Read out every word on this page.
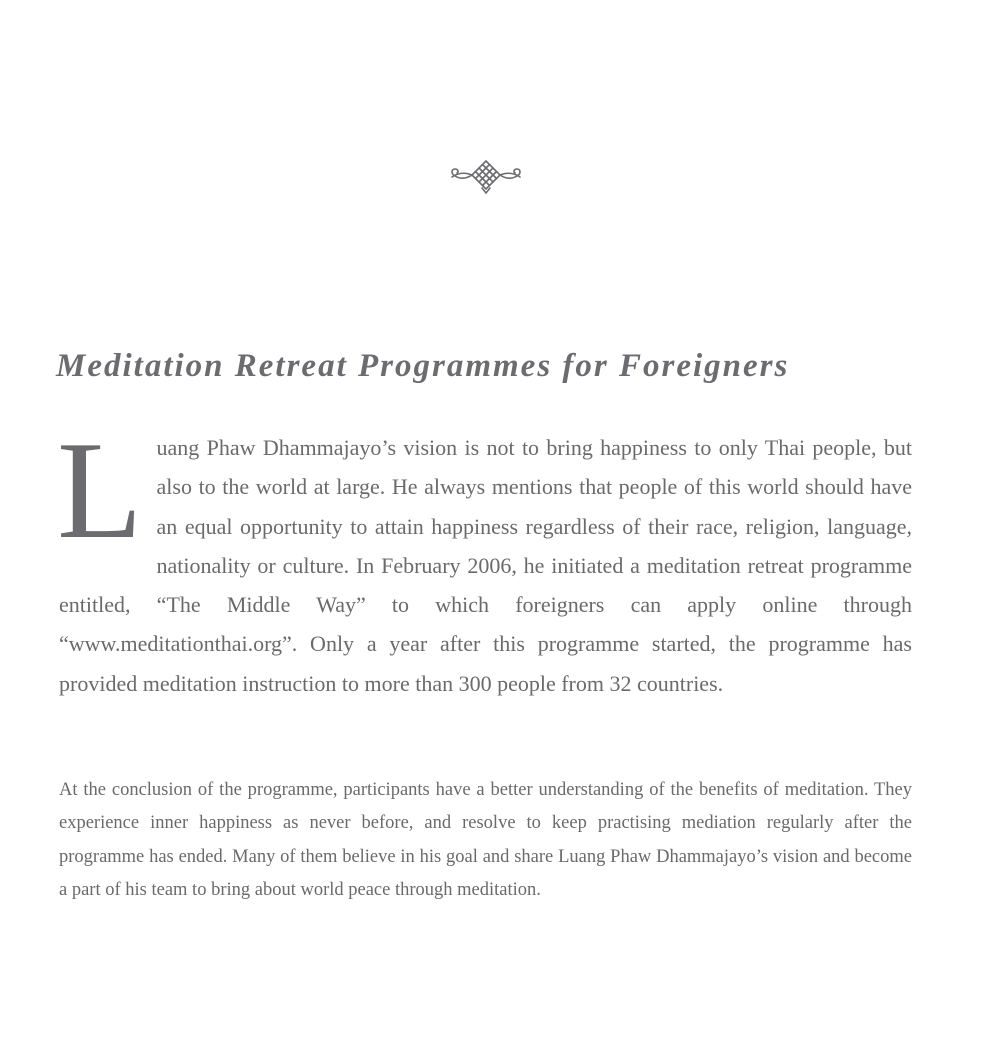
Meditation Retreat Programmes for Foreigners

Luang Phaw Dhammajayo’s vision is not to bring happiness to only Thai people, but also to the world at large. He always mentions that people of this world should have an equal opportunity to attain happiness regardless of their race, religion, language, nationality or culture. In February 2006, he initiated a meditation retreat programme entitled, “The Middle Way” to which foreigners can apply online through “www.meditationthai.org”. Only a year after this programme started, the programme has provided meditation instruction to more than 300 people from 32 countries.

At the conclusion of the programme, participants have a better understanding of the benefits of meditation. They experience inner happiness as never before, and resolve to keep practising mediation regularly after the programme has ended. Many of them believe in his goal and share Luang Phaw Dhammajayo’s vision and become a part of his team to bring about world peace through meditation.
